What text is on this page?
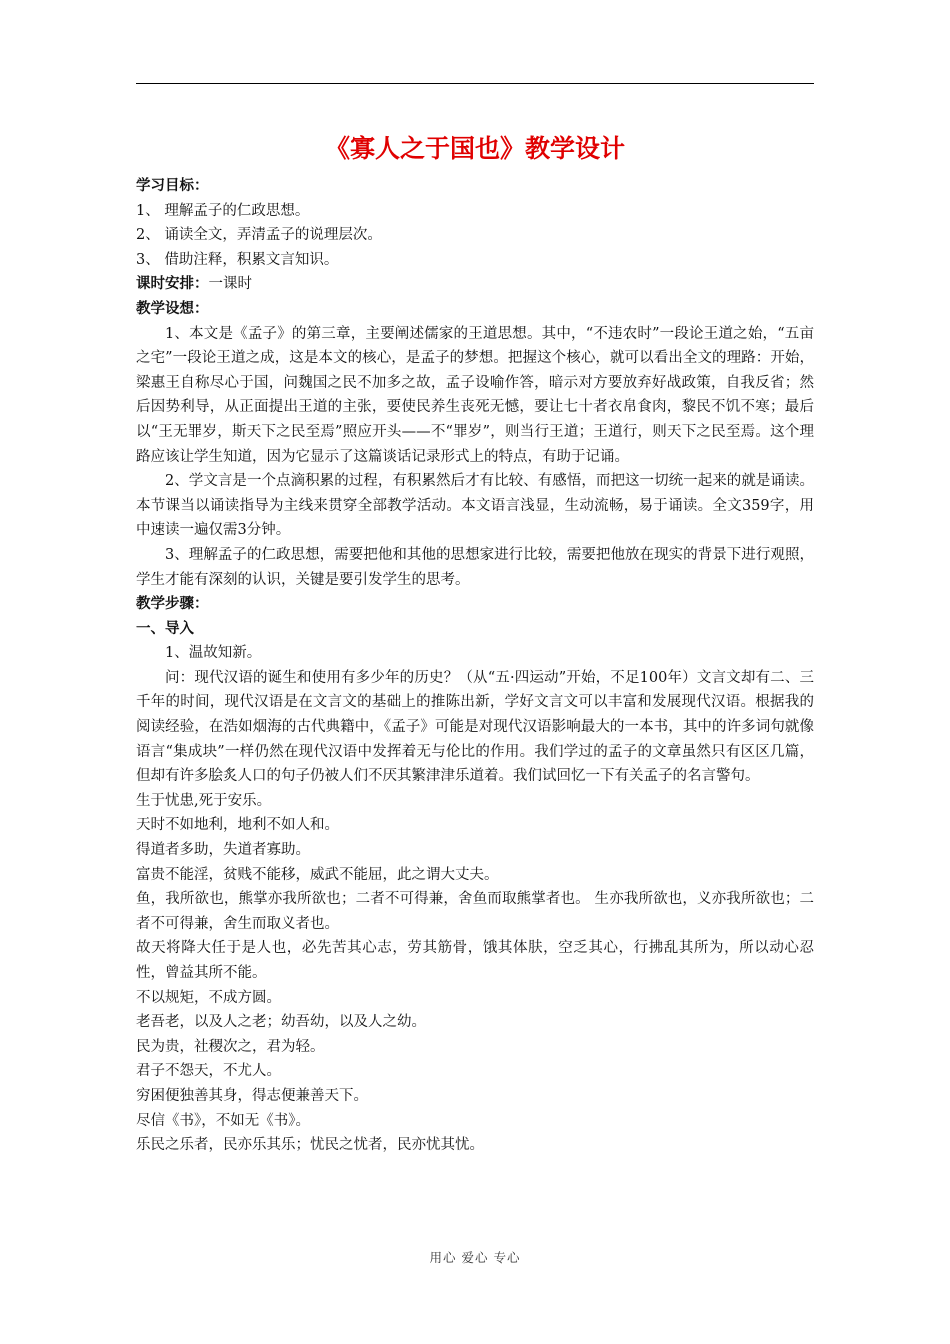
《寡人之于国也》教学设计

学习目标：

1、 理解孟子的仁政思想。

2、 诵读全文，弄清孟子的说理层次。

3、 借助注释，积累文言知识。

课时安排：一课时

教学设想：

1、本文是《孟子》的第三章，主要阐述儒家的王道思想。其中，“不违农时”一段论王道之始，“五亩之宅”一段论王道之成，这是本文的核心，是孟子的梦想。把握这个核心，就可以看出全文的理路：开始，梁惠王自称尽心于国，问魏国之民不加多之故，孟子设喻作答，暗示对方要放弃好战政策，自我反省；然后因势利导，从正面提出王道的主张，要使民养生丧死无憾，要让七十者衣帛食肉，黎民不饥不寒；最后以“王无罪岁，斯天下之民至焉”照应开头——不“罪岁”，则当行王道；王道行，则天下之民至焉。这个理路应该让学生知道，因为它显示了这篇谈话记录形式上的特点，有助于记诵。

2、学文言是一个点滴积累的过程，有积累然后才有比较、有感悟，而把这一切统一起来的就是诵读。本节课当以诵读指导为主线来贯穿全部教学活动。本文语言浅显，生动流畅，易于诵读。全文359字，用中速读一遍仅需3分钟。

3、理解孟子的仁政思想，需要把他和其他的思想家进行比较，需要把他放在现实的背景下进行观照，学生才能有深刻的认识，关键是要引发学生的思考。

教学步骤：

一、导入

1、温故知新。

问：现代汉语的诞生和使用有多少年的历史？（从“五·四运动”开始，不足100年）文言文却有二、三千年的时间，现代汉语是在文言文的基础上的推陈出新，学好文言文可以丰富和发展现代汉语。根据我的阅读经验，在浩如烟海的古代典籍中，《孟子》可能是对现代汉语影响最大的一本书，其中的许多词句就像语言“集成块”一样仍然在现代汉语中发挥着无与伦比的作用。我们学过的孟子的文章虽然只有区区几篇，但却有许多脍炙人口的句子仍被人们不厌其繁津津乐道着。我们试回忆一下有关孟子的名言警句。

生于忧患,死于安乐。

天时不如地利，地利不如人和。

得道者多助，失道者寡助。

富贵不能淫，贫贱不能移，威武不能屈，此之谓大丈夫。

鱼，我所欲也，熊掌亦我所欲也；二者不可得兼，舍鱼而取熊掌者也。 生亦我所欲也，义亦我所欲也；二者不可得兼，舍生而取义者也。

故天将降大任于是人也，必先苦其心志，劳其筋骨，饿其体肤，空乏其心，行拂乱其所为，所以动心忍性，曾益其所不能。

不以规矩，不成方圆。

老吾老，以及人之老；幼吾幼，以及人之幼。

民为贵，社稷次之，君为轻。

君子不怨天，不尤人。

穷困便独善其身，得志便兼善天下。

尽信《书》，不如无《书》。

乐民之乐者，民亦乐其乐；忧民之忧者，民亦忧其忧。

用心 爱心 专心
